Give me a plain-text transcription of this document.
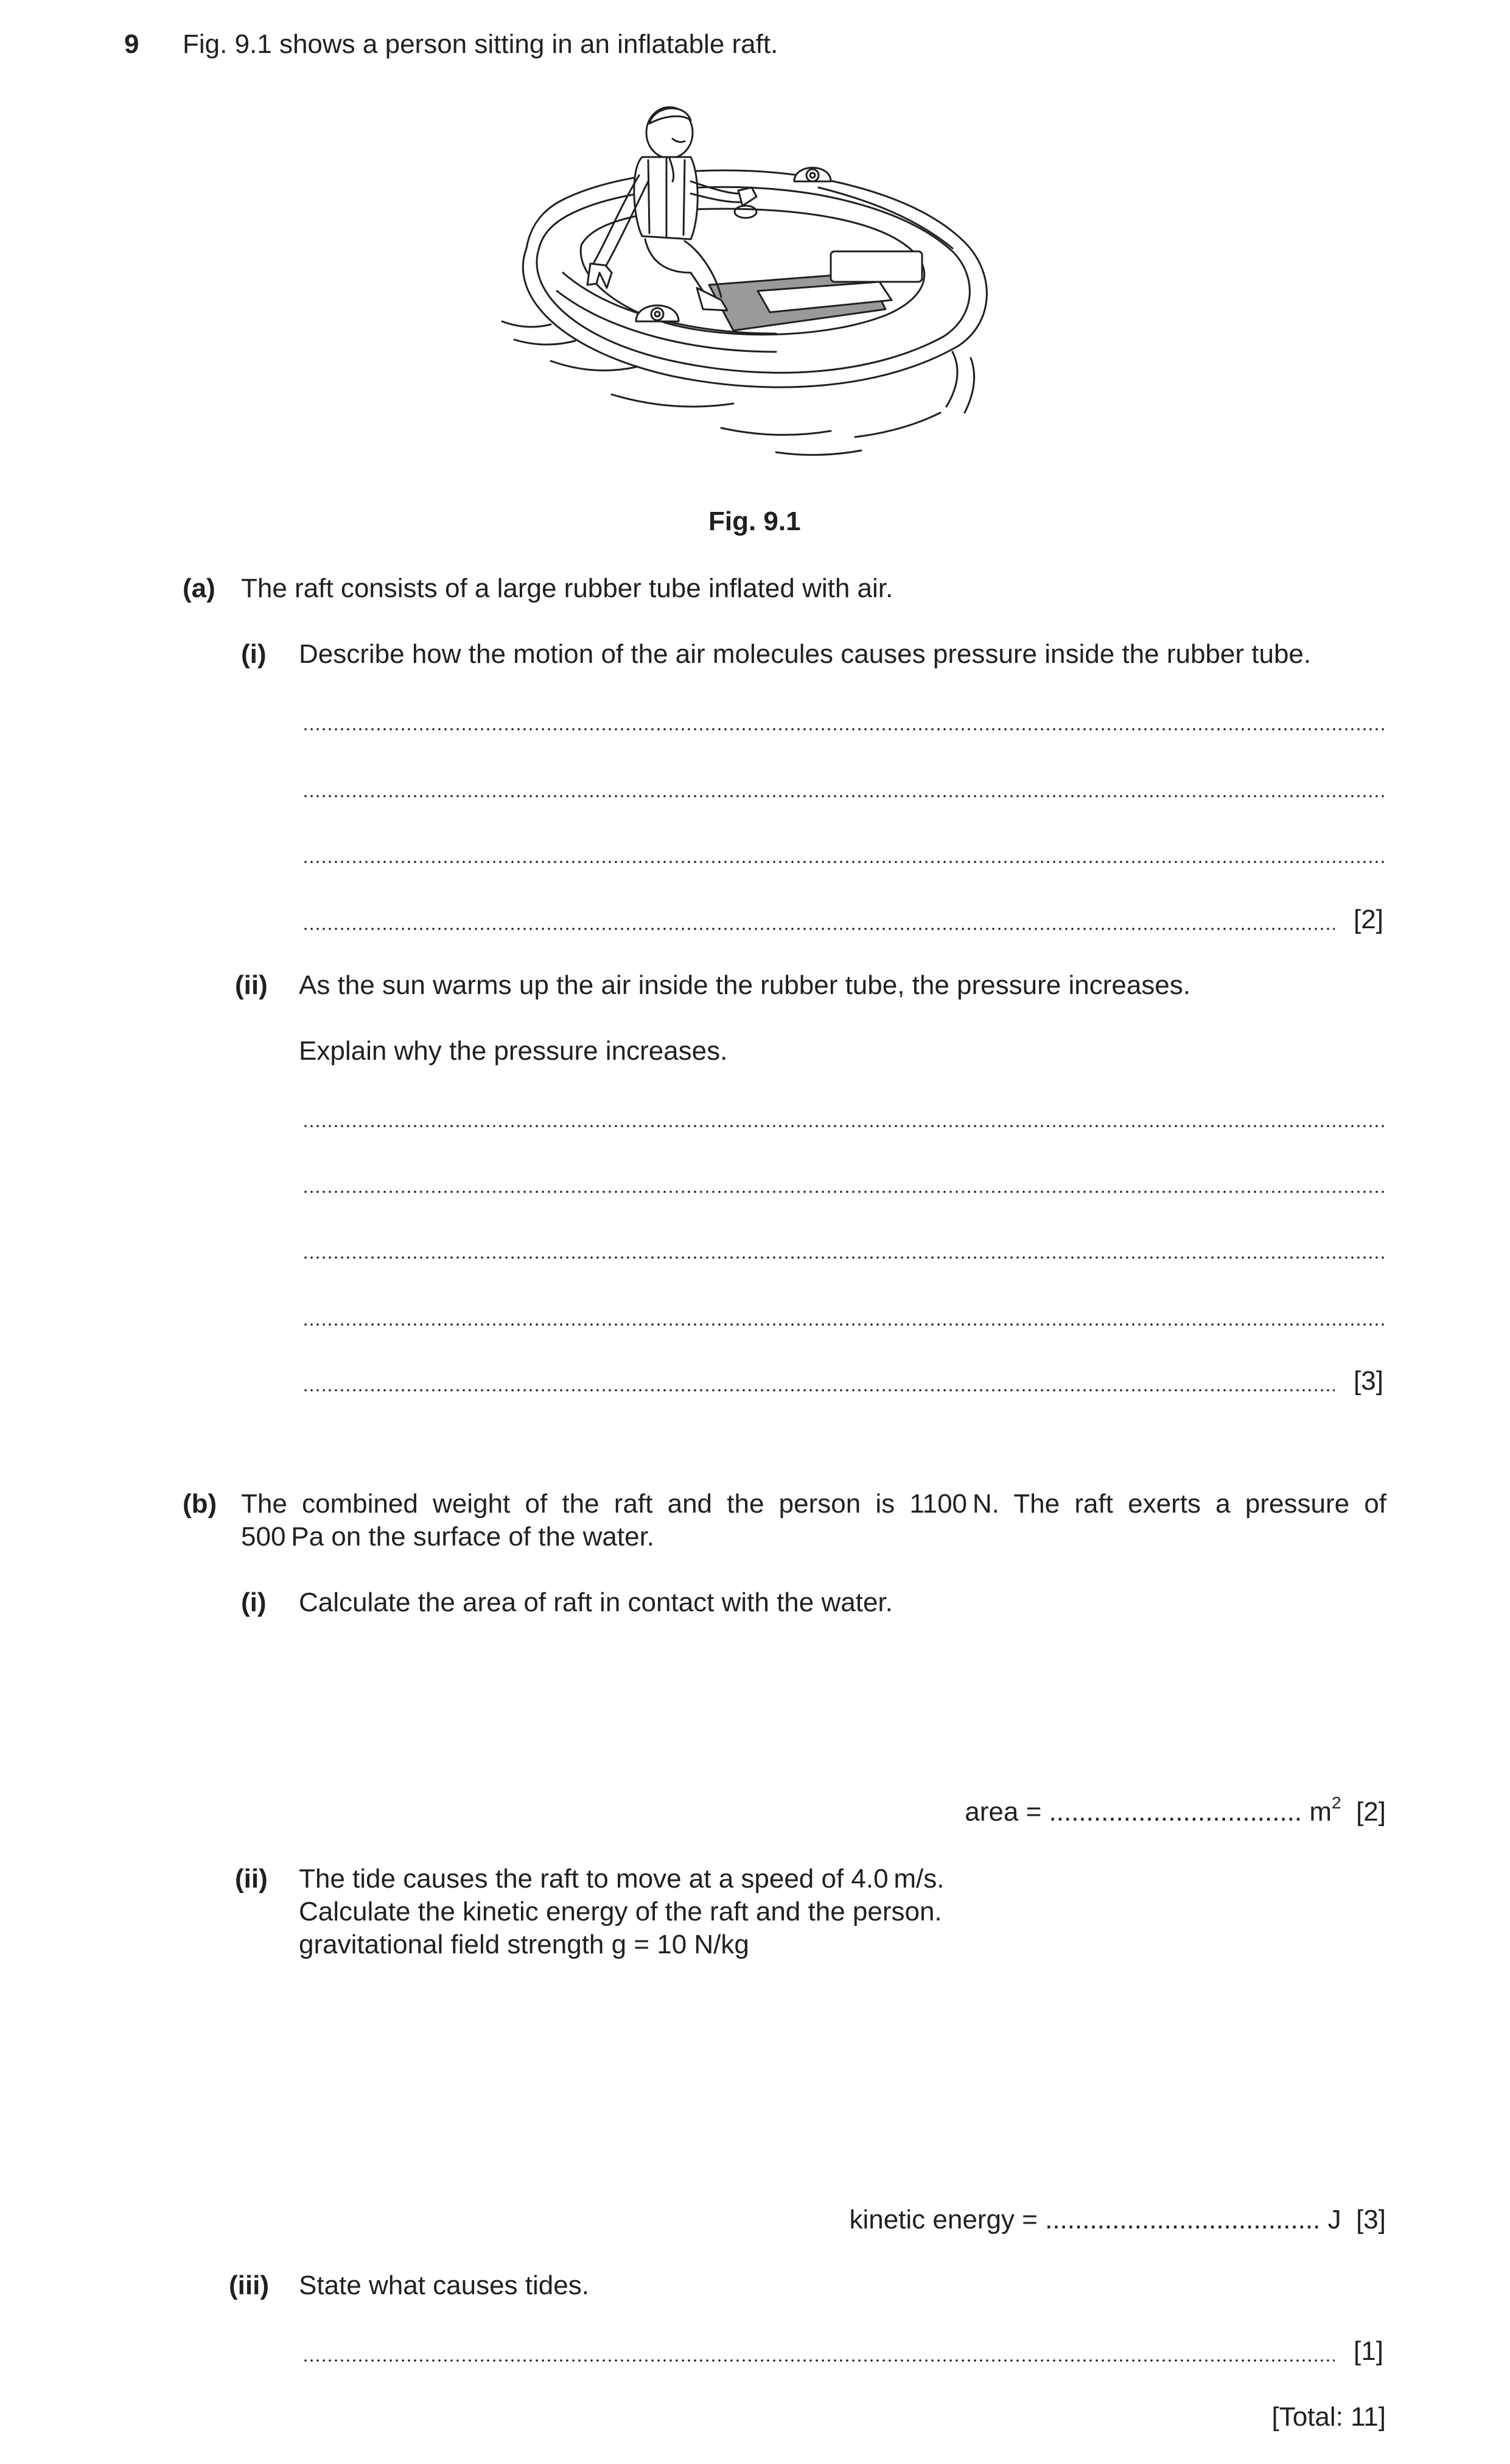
9 Fig. 9.1 shows a person sitting in an inflatable raft.
Fig. 9.1
(a) The raft consists of a large rubber tube inflated with air.
(i) Describe how the motion of the air molecules causes pressure inside the rubber tube.
[2]
(ii) As the sun warms up the air inside the rubber tube, the pressure increases.
Explain why the pressure increases.
[3]
(b) The combined weight of the raft and the person is 1100 N. The raft exerts a pressure of
500 Pa on the surface of the water.
(i) Calculate the area of raft in contact with the water.
area = .................................. $m^2$ [2]
(ii) The tide causes the raft to move at a speed of 4.0 m/s.
Calculate the kinetic energy of the raft and the person.
gravitational field strength g = 10 N/kg
kinetic energy = ..................................... J [3]
(iii) State what causes tides.
[1]
[Total: 11]
